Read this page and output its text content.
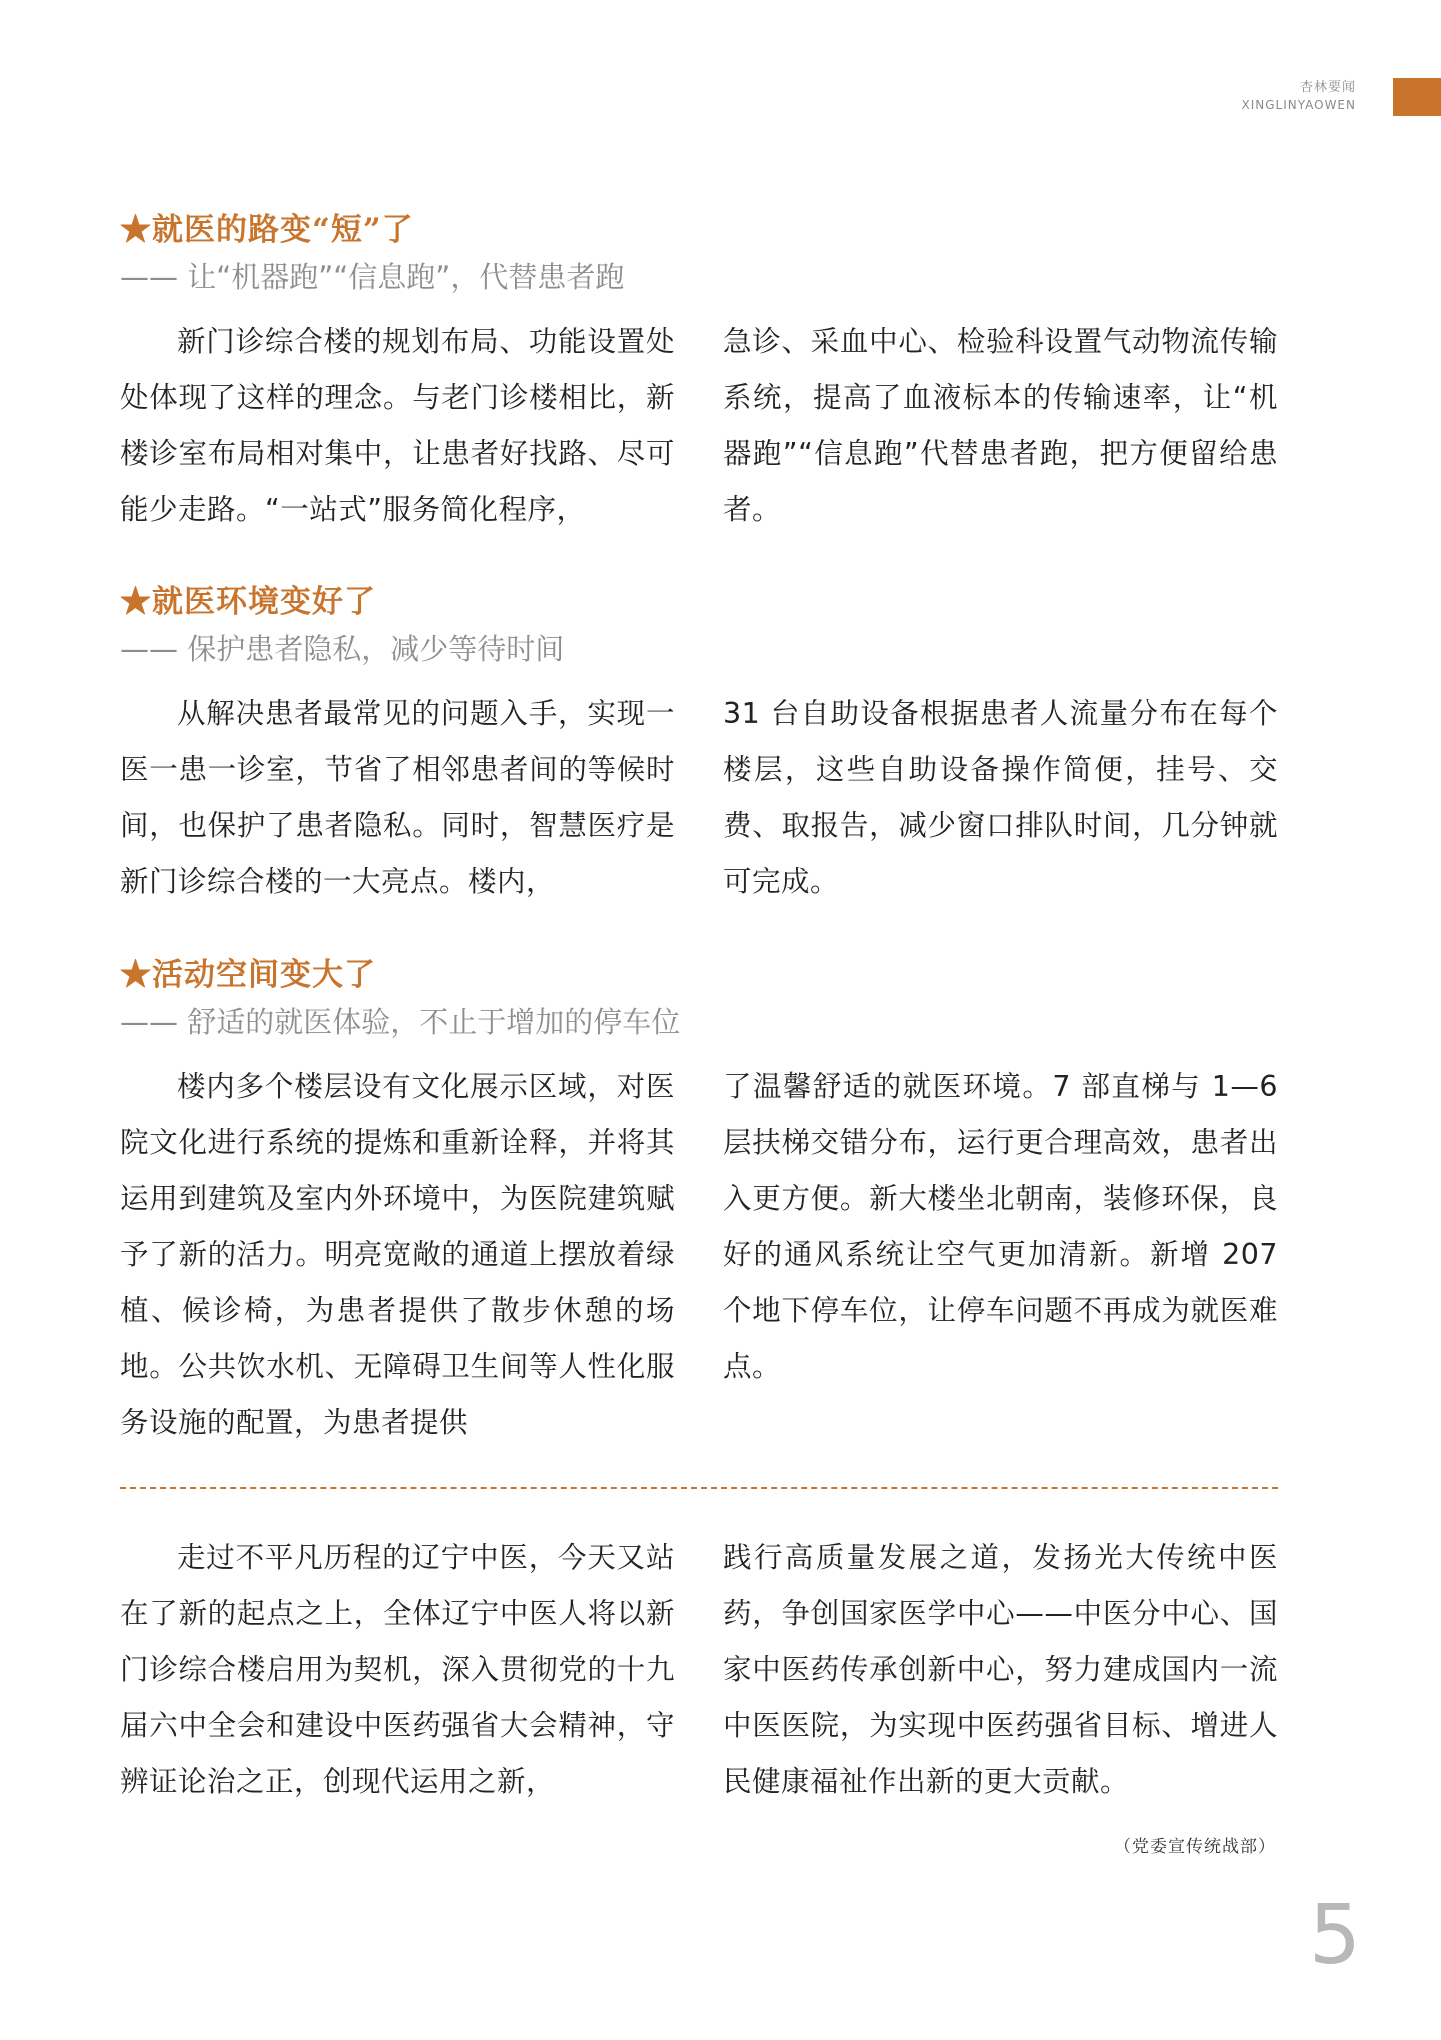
杏林要闻
XINGLINYAOWEN
★就医的路变“短”了
—— 让“机器跑”“信息跑”，代替患者跑

新门诊综合楼的规划布局、功能设置处处体现了这样的理念。与老门诊楼相比，新楼诊室布局相对集中，让患者好找路、尽可能少走路。“一站式”服务简化程序，

急诊、采血中心、检验科设置气动物流传输系统，提高了血液标本的传输速率，让“机器跑”“信息跑”代替患者跑，把方便留给患者。

★就医环境变好了
—— 保护患者隐私，减少等待时间

从解决患者最常见的问题入手，实现一医一患一诊室，节省了相邻患者间的等候时间，也保护了患者隐私。同时，智慧医疗是新门诊综合楼的一大亮点。楼内，

31 台自助设备根据患者人流量分布在每个楼层，这些自助设备操作简便，挂号、交费、取报告，减少窗口排队时间，几分钟就可完成。

★活动空间变大了
—— 舒适的就医体验，不止于增加的停车位

楼内多个楼层设有文化展示区域，对医院文化进行系统的提炼和重新诠释，并将其运用到建筑及室内外环境中，为医院建筑赋予了新的活力。明亮宽敞的通道上摆放着绿植、候诊椅，为患者提供了散步休憩的场地。公共饮水机、无障碍卫生间等人性化服务设施的配置，为患者提供

了温馨舒适的就医环境。7 部直梯与 1—6 层扶梯交错分布，运行更合理高效，患者出入更方便。新大楼坐北朝南，装修环保，良好的通风系统让空气更加清新。新增 207 个地下停车位，让停车问题不再成为就医难点。

走过不平凡历程的辽宁中医，今天又站在了新的起点之上，全体辽宁中医人将以新门诊综合楼启用为契机，深入贯彻党的十九届六中全会和建设中医药强省大会精神，守辨证论治之正，创现代运用之新，

践行高质量发展之道，发扬光大传统中医药，争创国家医学中心——中医分中心、国家中医药传承创新中心，努力建成国内一流中医医院，为实现中医药强省目标、增进人民健康福祉作出新的更大贡献。

（党委宣传统战部）
5
